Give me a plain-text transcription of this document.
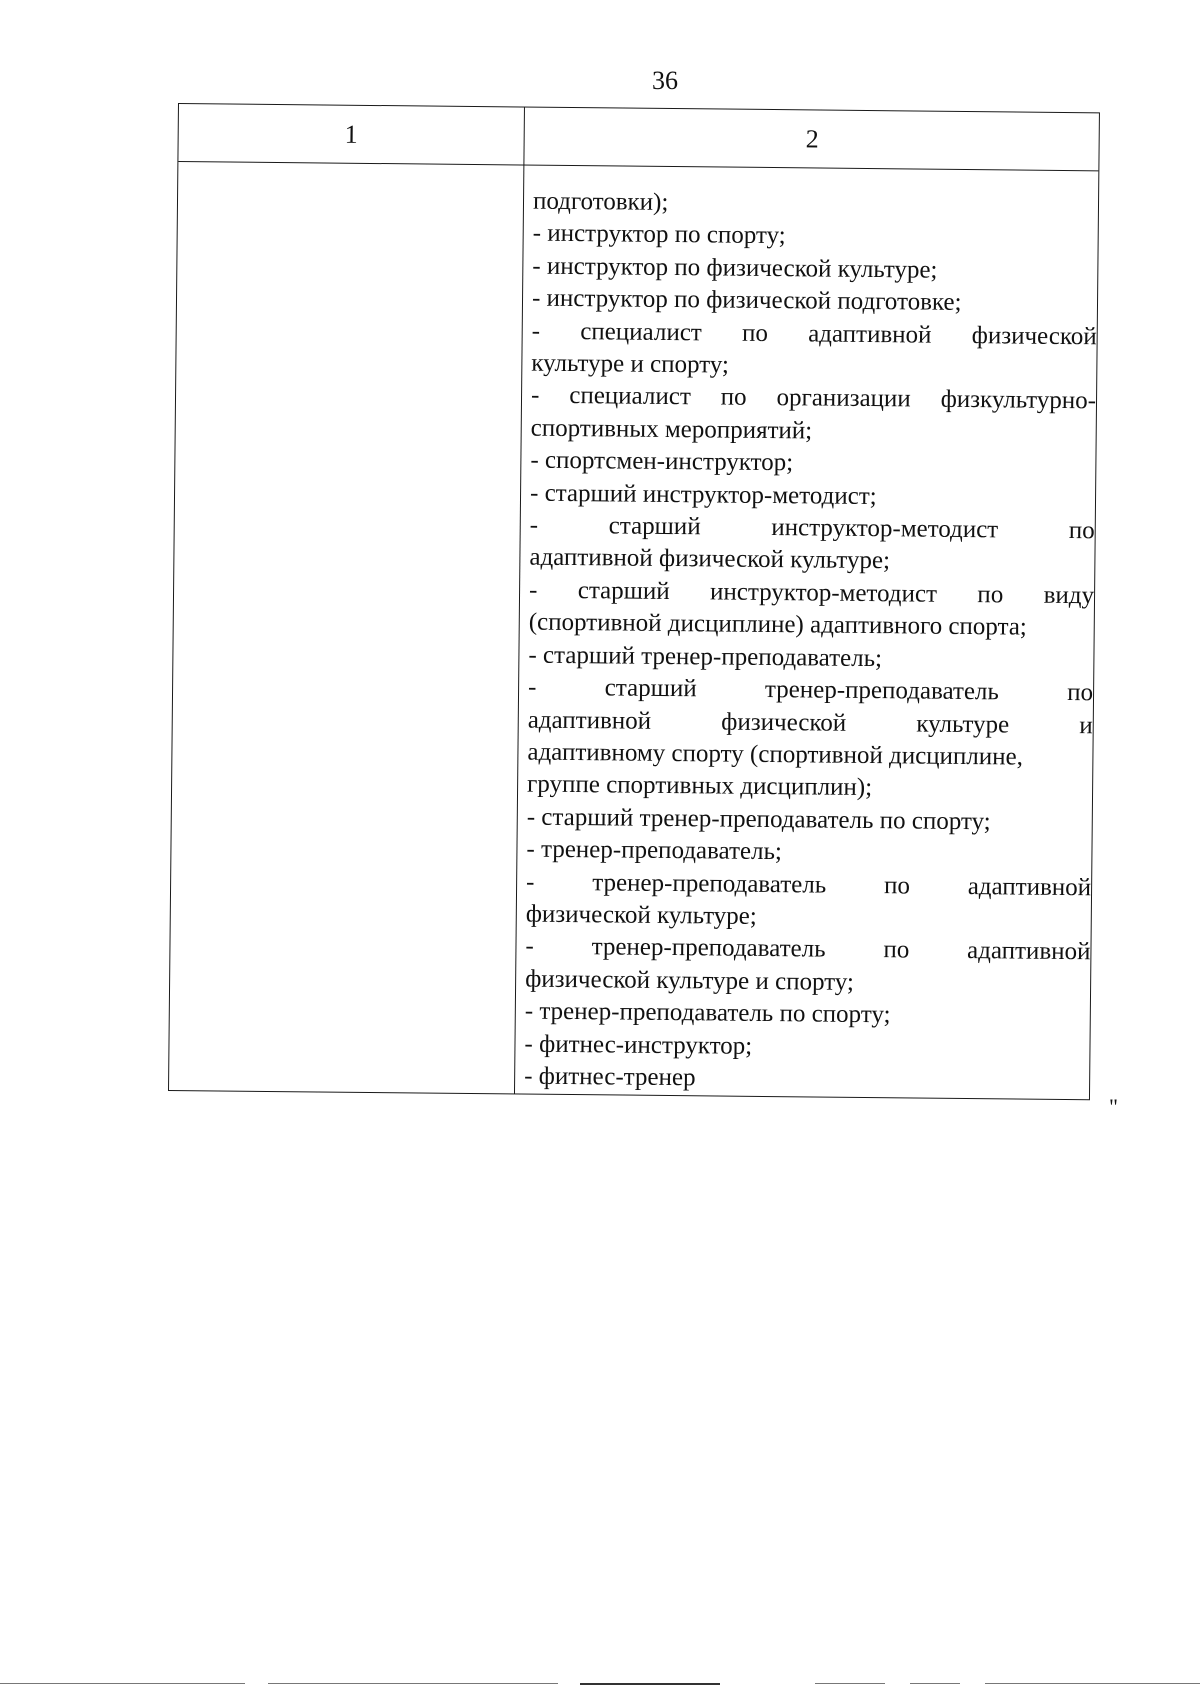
36
1	2
подготовки);
- инструктор по спорту;
- инструктор по физической культуре;
- инструктор по физической подготовке;
- специалист по адаптивной физической
культуре и спорту;
- специалист по организации физкультурно-
спортивных мероприятий;
- спортсмен-инструктор;
- старший инструктор-методист;
- старший инструктор-методист по
адаптивной физической культуре;
- старший инструктор-методист по виду
(спортивной дисциплине) адаптивного спорта;
- старший тренер-преподаватель;
- старший тренер-преподаватель по
адаптивной физической культуре и
адаптивному спорту (спортивной дисциплине,
группе спортивных дисциплин);
- старший тренер-преподаватель по спорту;
- тренер-преподаватель;
- тренер-преподаватель по адаптивной
физической культуре;
- тренер-преподаватель по адаптивной
физической культуре и спорту;
- тренер-преподаватель по спорту;
- фитнес-инструктор;
- фитнес-тренер
"
